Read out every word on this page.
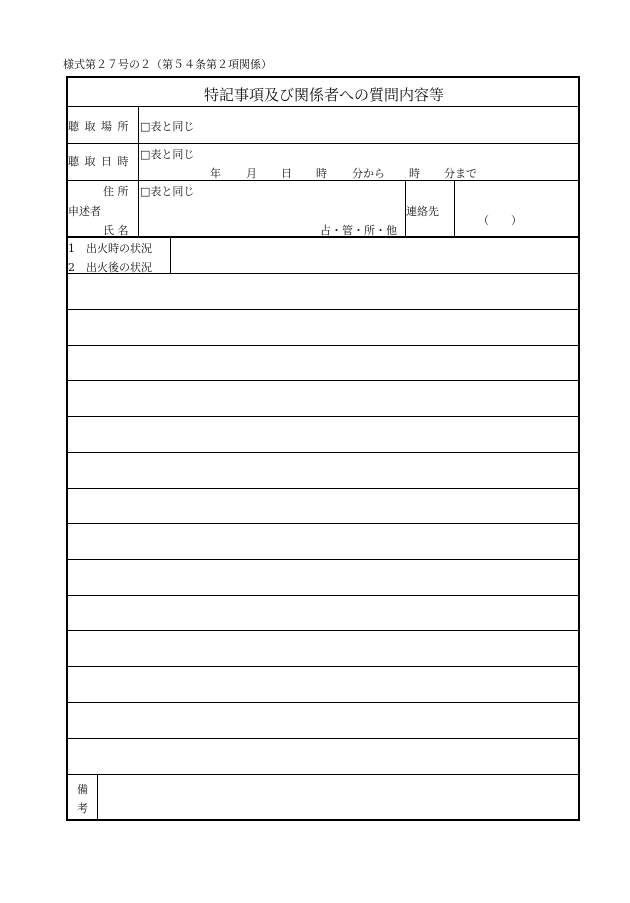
様式第２７号の２（第５４条第２項関係）
特記事項及び関係者への質問内容等
聴 取 場 所 □表と同じ
聴 取 日 時
□表と同じ
年 月 日 時 分から 時 分まで
住 所
申述者
氏 名
□表と同じ
占・管・所・他
連絡先
（　　）
1　出火時の状況
2　出火後の状況
備
考
